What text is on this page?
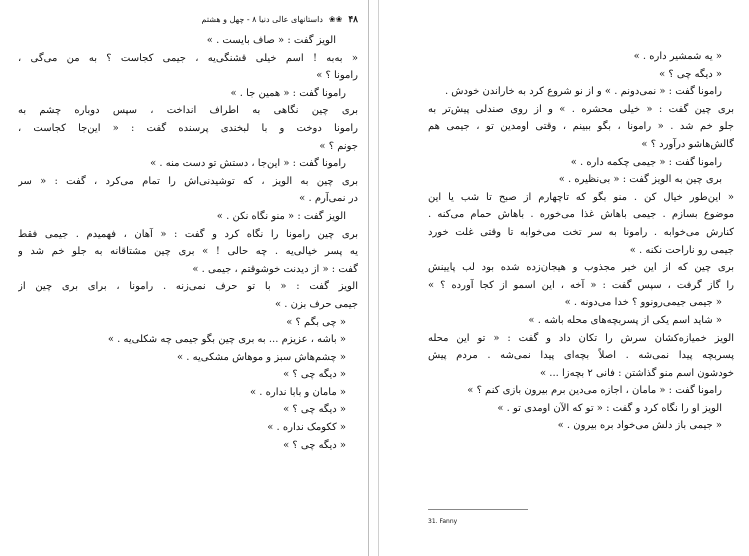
۴۸
❀❀
داستانهای عالی دنیا ۸ - چهل و هشتم

الویز گفت : « صاف بایست . »

« به‌به ! اسم خیلی قشنگی‌یه ، جیمی کجاست ؟ به من می‌گی ،

رامونا ؟ »

رامونا گفت : « همین جا . »

بری چین نگاهی به اطراف انداخت ، سپس دوباره چشم به

رامونا دوخت و با لبخندی پرسنده گفت : « این‌جا کجاست ،

جونم ؟ »

رامونا گفت : « این‌جا ، دستش تو دست منه . »

بری چین به الویز ، که توشیدنی‌اش را تمام می‌کرد ، گفت : « سر

در نمی‌آرم . »

الویز گفت : « منو نگاه نکن . »

بری چین رامونا را نگاه کرد و گفت : « آهان ، فهمیدم . جیمی فقط

یه پسر خیالی‌یه . چه حالی ! » بری چین مشتاقانه به جلو خم شد و

گفت : « از دیدنت خوشوقتم ، جیمی . »

الویز گفت : « با تو حرف نمی‌زنه . رامونا ، برای بری چین از

جیمی حرف بزن . »

« چی بگم ؟ »

« باشه ، عزیزم ... به بری چین بگو جیمی چه شکلی‌یه . »

« چشم‌هاش سبز و موهاش مشکی‌یه . »

« دیگه چی ؟ »

« مامان و بابا نداره . »

« دیگه چی ؟ »

« ککومک نداره . »

« دیگه چی ؟ »

« یه شمشیر داره . »

« دیگه چی ؟ »

رامونا گفت : « نمی‌دونم . » و از نو شروع کرد به خاراندن خودش .

بری چین گفت : « خیلی محشره . » و از روی صندلی پیش‌تر به

جلو خم شد . « رامونا ، بگو ببینم ، وقتی اومدین تو ، جیمی هم

گالش‌هاشو درآورد ؟ »

رامونا گفت : « جیمی چکمه داره . »

بری چین به الویز گفت : « بی‌نظیره . »

« این‌طور خیال کن . منو بگو که تاچهارم از صبح تا شب یا این

موضوع بسازم . جیمی باهاش غذا می‌خوره . باهاش حمام می‌کنه .

کنارش می‌خوابه . رامونا به سر تخت می‌خوابه تا وقتی غلت خورد

جیمی رو ناراحت نکنه . »

بری چین که از این خبر مجذوب و هیجان‌زده شده بود لب پایینش

را گاز گرفت ، سپس گفت : « آخه ، این اسمو از کجا آورده ؟ »

« جیمی جیمی‌رونوو ؟ خدا می‌دونه . »

« شاید اسم یکی از پسربچه‌های محله باشه . »

الویز خمیازه‌کشان سرش را تکان داد و گفت : « تو این محله

پسربچه پیدا نمی‌شه . اصلاً بچه‌ای پیدا نمی‌شه . مردم پیش

خودشون اسم منو گذاشتن : فانی ۲ بچه‌زا ... »

رامونا گفت : « مامان ، اجازه می‌دین برم بیرون بازی کنم ؟ »

الویز او را نگاه کرد و گفت : « تو که الآن اومدی تو . »

« جیمی باز دلش می‌خواد بره بیرون . »

31. Fanny
